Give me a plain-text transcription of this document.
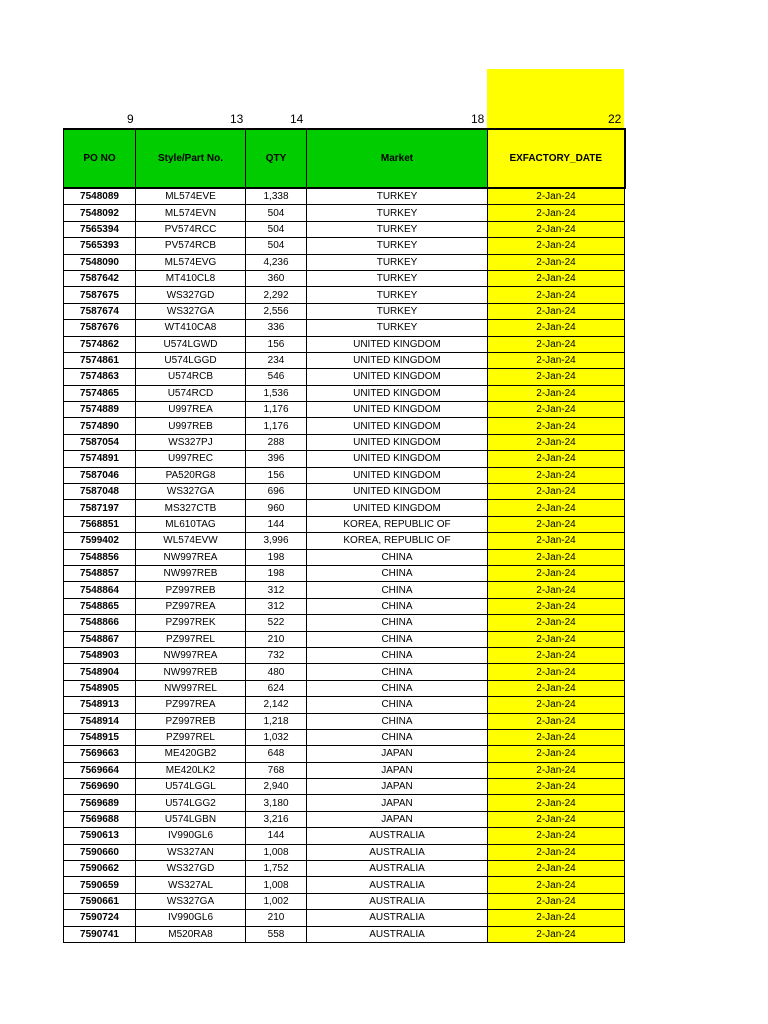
9	13	14	18	22
PO NO	Style/Part No.	QTY	Market	EXFACTORY_DATE
7548089	ML574EVE	1,338	TURKEY	2-Jan-24
7548092	ML574EVN	504	TURKEY	2-Jan-24
7565394	PV574RCC	504	TURKEY	2-Jan-24
7565393	PV574RCB	504	TURKEY	2-Jan-24
7548090	ML574EVG	4,236	TURKEY	2-Jan-24
7587642	MT410CL8	360	TURKEY	2-Jan-24
7587675	WS327GD	2,292	TURKEY	2-Jan-24
7587674	WS327GA	2,556	TURKEY	2-Jan-24
7587676	WT410CA8	336	TURKEY	2-Jan-24
7574862	U574LGWD	156	UNITED KINGDOM	2-Jan-24
7574861	U574LGGD	234	UNITED KINGDOM	2-Jan-24
7574863	U574RCB	546	UNITED KINGDOM	2-Jan-24
7574865	U574RCD	1,536	UNITED KINGDOM	2-Jan-24
7574889	U997REA	1,176	UNITED KINGDOM	2-Jan-24
7574890	U997REB	1,176	UNITED KINGDOM	2-Jan-24
7587054	WS327PJ	288	UNITED KINGDOM	2-Jan-24
7574891	U997REC	396	UNITED KINGDOM	2-Jan-24
7587046	PA520RG8	156	UNITED KINGDOM	2-Jan-24
7587048	WS327GA	696	UNITED KINGDOM	2-Jan-24
7587197	MS327CTB	960	UNITED KINGDOM	2-Jan-24
7568851	ML610TAG	144	KOREA, REPUBLIC OF	2-Jan-24
7599402	WL574EVW	3,996	KOREA, REPUBLIC OF	2-Jan-24
7548856	NW997REA	198	CHINA	2-Jan-24
7548857	NW997REB	198	CHINA	2-Jan-24
7548864	PZ997REB	312	CHINA	2-Jan-24
7548865	PZ997REA	312	CHINA	2-Jan-24
7548866	PZ997REK	522	CHINA	2-Jan-24
7548867	PZ997REL	210	CHINA	2-Jan-24
7548903	NW997REA	732	CHINA	2-Jan-24
7548904	NW997REB	480	CHINA	2-Jan-24
7548905	NW997REL	624	CHINA	2-Jan-24
7548913	PZ997REA	2,142	CHINA	2-Jan-24
7548914	PZ997REB	1,218	CHINA	2-Jan-24
7548915	PZ997REL	1,032	CHINA	2-Jan-24
7569663	ME420GB2	648	JAPAN	2-Jan-24
7569664	ME420LK2	768	JAPAN	2-Jan-24
7569690	U574LGGL	2,940	JAPAN	2-Jan-24
7569689	U574LGG2	3,180	JAPAN	2-Jan-24
7569688	U574LGBN	3,216	JAPAN	2-Jan-24
7590613	IV990GL6	144	AUSTRALIA	2-Jan-24
7590660	WS327AN	1,008	AUSTRALIA	2-Jan-24
7590662	WS327GD	1,752	AUSTRALIA	2-Jan-24
7590659	WS327AL	1,008	AUSTRALIA	2-Jan-24
7590661	WS327GA	1,002	AUSTRALIA	2-Jan-24
7590724	IV990GL6	210	AUSTRALIA	2-Jan-24
7590741	M520RA8	558	AUSTRALIA	2-Jan-24
